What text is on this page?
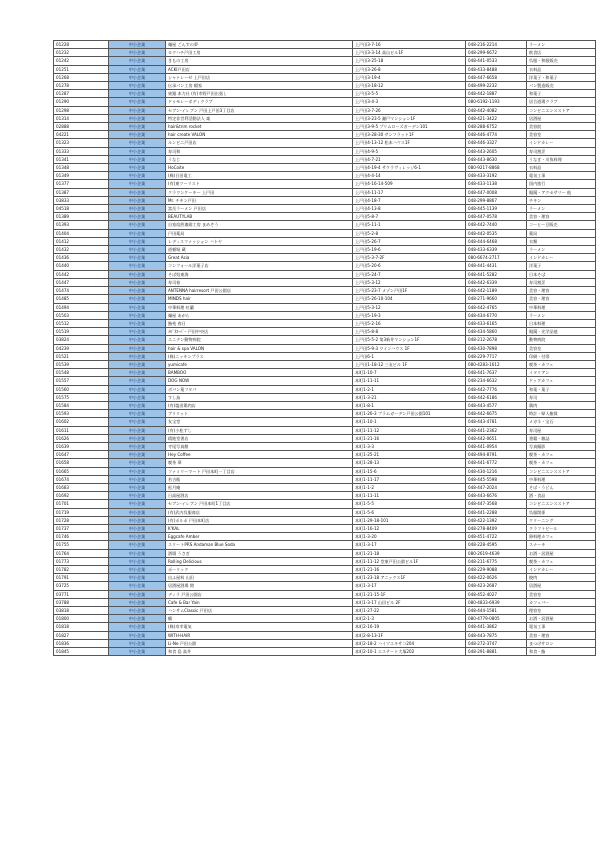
01228	中小企業	麺屋 ごんすの夢	上戸田3-7-16	048-216-2214	ラーメン
01232	中小企業	ロクハチ戸田工房	上戸田3-3-14 高山ビル1F	048-299-6672	飲食店
01242	中小企業	きもの工房	上戸田3-25-18	048-441-0533	呉服・和服販売
01251	中小企業	ACKI戸田店	上戸田3-26-8	048-433-8488	衣料品
01268	中小企業	シャトレーゼ 上戸田店	上戸田3-19-4	048-447-6658	洋菓子・和菓子
01278	中小企業	伝承パン工房 稲家	上戸田3-18-12	048-499-2232	パン製造販売
01287	中小企業	東銀 本力社 (有)市野戸田出張し	上戸田3-5-5	048-442-1887	和菓子
01290	中小企業	ドゥモレーボディクラブ	上戸田3-4-3	080-6192-1193	居合道場クラブ
01298	中小企業	セブン-イレブン 戸田上戸田3丁目店	上戸田3-7-26	048-442-4082	コンビニエンスストア
01314	中小企業	特定非営利活動法人 楽	上戸田3-23-5 瀬戸マンション1F	048-421-3422	居酒屋
02888	中小企業	hair&trim rocket	上戸田3-9-5 プリムローズガーデン101	048-288-6752	美容院
04221	中小企業	hair create VALON	上戸田3-28-30 サンフラット1F	048-446-4774	美容室
01323	中小企業	ルンビニ戸田店	上戸田4-13-12 松本ハウス1F	048-446-3327	インドカレー
01333	中小企業	寿司和	上戸田4-9-5	048-443-2605	寿司割烹
01341	中小企業	うなじ	上戸田4-7-21	048-443-8630	うなぎ・川魚料理
01348	中小企業	HoCoite	上戸田4-19-4 サクラヴィレッジ6-1	080-9217-8868	衣料品
01349	中小企業	(株)日田電工	上戸田4-4-14	048-433-3192	電気工事
01377	中小企業	(有)東ツーリスト	上戸田4-16-14-509	048-433-1138	国内旅行
01387	中小企業	クラウンケーキー 上戸田	上戸田4-11-17	048-447-0008	眼鏡・アクセサリー 他
03833	中小企業	Mr. チキン戸田	上戸田4-18-7	048-299-8867	チキン
04518	中小企業	富岳ラーメン 戸田店	上戸田4-13-8	048-445-1139	ラーメン
01389	中小企業	BEAUTYLAB	上戸田5-8-7	048-447-0578	美容・理容
01393	中小企業	自家焙煎珈琲工房 まめぞう	上戸田5-11-1	048-442-7440	コーヒー豆販売
01404	中小企業	戸田薬局	上戸田5-2-8	048-442-0535	薬局
01412	中小企業	レディスファッション ハトヤ	上戸田5-26-7	048-444-6468	衣類
01432	中小企業	道頓堀 蔵	上戸田5-19-6	048-433-6339	ラーメン
01436	中小企業	Great Asia	上戸田5-3-7-2F	080-6674-2717	インドカレー
01440	中小企業	コンフォール洋菓子店	上戸田5-20-6	048-441-4431	洋菓子
01442	中小企業	そば処東海	上戸田5-24-7	048-441-5282	日本そば
01447	中小企業	寿司春	上戸田5-3-12	048-442-6339	寿司割烹
01474	中小企業	ANTENNA hairresort 戸田公園店	上戸田5-23-7 メゾン戸田1F	048-442-1189	美容・理容
01485	中小企業	MINDS hair	上戸田5-26-10-104	048-271-9660	美容・理容
01494	中小企業	中華料理 紅蘭	上戸田5-3-12	048-442-4765	中華料理
01503	中小企業	麺屋 あがら	上戸田5-19-3	048-434-6770	ラーメン
01512	中小企業	鮨苑 春日	上戸田5-2-16	048-433-6165	日本料理
01519	中小企業	ﾒｶﾞﾈｽｰﾊﾟｰ 戸田中央店	上戸田5-8-8	048-434-5860	眼鏡・光学品他
03824	中小企業	エニデン動物病院	上戸田5-5-2 第3新井マンション1F	048-212-2678	動物病院
04239	中小企業	hair & spa VALON	上戸田5-9-3 ワインハウス 1F	048-430-7898	美容室
01521	中小企業	(株)ニッキンプラス	上戸田6-1	048-229-7717	印刷・付帯
01539	中小企業	yumicafe	上戸田1-18-12 三友ビル 1F	080-4283-1612	喫茶・カフェ
01548	中小企業	BAMBOO	本町1-10-7	048-441-7637	イタリアン
01557	中小企業	DOG NOW	本町1-11-11	048-234-6632	ドッグカフェ
01560	中小企業	ボバン菓フタバ	本町1-2-1	048-442-7776	和菓・菓子
01575	中小企業	すし鳥	本町1-3-21	048-442-6186	寿司
01584	中小企業	(有)塩田鶏肉店	本町1-8-1	048-443-4577	鶏肉
01593	中小企業	ブリリット	本町1-26-3 プラムガーデン戸田公園101	048-442-6675	時計・婦人雑貨
01602	中小企業	友宝堂	本町1-10-1	048-443-4781	メガネ・宝石
01611	中小企業	(有)小松ずし	本町1-11-12	048-441-2362	寿司屋
01626	中小企業	精進堂書店	本町1-21-16	048-442-0651	書籍・雑誌
01639	中小企業	寺尾写真館	本町1-3-3	048-441-0954	写真撮影
01647	中小企業	Hey Coffee	本町1-25-21	048-494-8791	喫茶・カフェ
01658	中小企業	喫茶 華	本町1-28-13	048-441-6772	喫茶・カフェ
01665	中小企業	ファミリーマート 戸田本町一丁目店	本町1-15-6	048-430-1216	コンビニエンスストア
01674	中小企業	若吉飯	本町1-11-17	048-445-5598	中華料理
01683	中小企業	松月庵	本町1-1-2	048-447-2024	そば・うどん
01692	中小企業	日高屋酒店	本町1-11-11	048-443-6676	酒・食品
01701	中小企業	セブン-イレブン 戸田本町1丁目店	本町1-5-5	048-447-3568	コンビニエンスストア
01719	中小企業	(有)武内呉服商店	本町1-5-6	048-441-2288	呉服関係
01728	中小企業	(有)ポルポ 戸田本町店	本町1-29-18-101	048-422-1392	クリーニング
01737	中小企業	K'KAL	本町1-16-12	048-278-8409	クラフトビール
01746	中小企業	Eggcafe Amber	本町1-3-20	048-451-4722	卵料理カフェ
01755	中小企業	スリートPRS Andaman Blue Soda	本町1-3-17	048-228-4595	スナーキ
01764	中小企業	酒場 うさぎ	本町1-21-18	080-2619-4639	お酒・居酒屋
01773	中小企業	Rolling Delicious	本町1-11-12 堂東戸田公園ビル1F	048-211-6775	喫茶・カフェ
01782	中小企業	ポーリック	本町1-21-16	048-229-9088	インドカレー
01791	中小企業	出ふ屋料 山田	本町1-23-18 アニックス1F	048-422-0626	焼肉
03725	中小企業	居酒屋酒場 関	本町1-3-17	048-423-2687	居酒屋
03771	中小企業	ディラ 戸田公園店	本町1-21-15-1F	048-452-4027	美容室
03788	中小企業	Cafe & Bar Yain	本町1-3-17 山田ビル 2F	080-4833-6939	カフェバー
03818	中小企業	ハンサムClassic 戸田店	本町1-27-22	048-444-1581	理容室
01800	中小企業	鶴	本町2-1-3	080-4779-0805	お酒・居酒屋
01818	中小企業	(株)寿幸電気	本町2-16-19	048-441-3862	電気工事
01827	中小企業	WITH-HAIR	本町2-8-13-1F	048-443-7875	美容・理容
01836	中小企業	Li-Ne 戸田公園	本町2-18-2 ハイツエキサコ204	048-272-3747	まつげサロン
01845	中小企業	和食 島 高井	本町2-10-1 エステート大塚202	048-291-8881	和食・鮨
